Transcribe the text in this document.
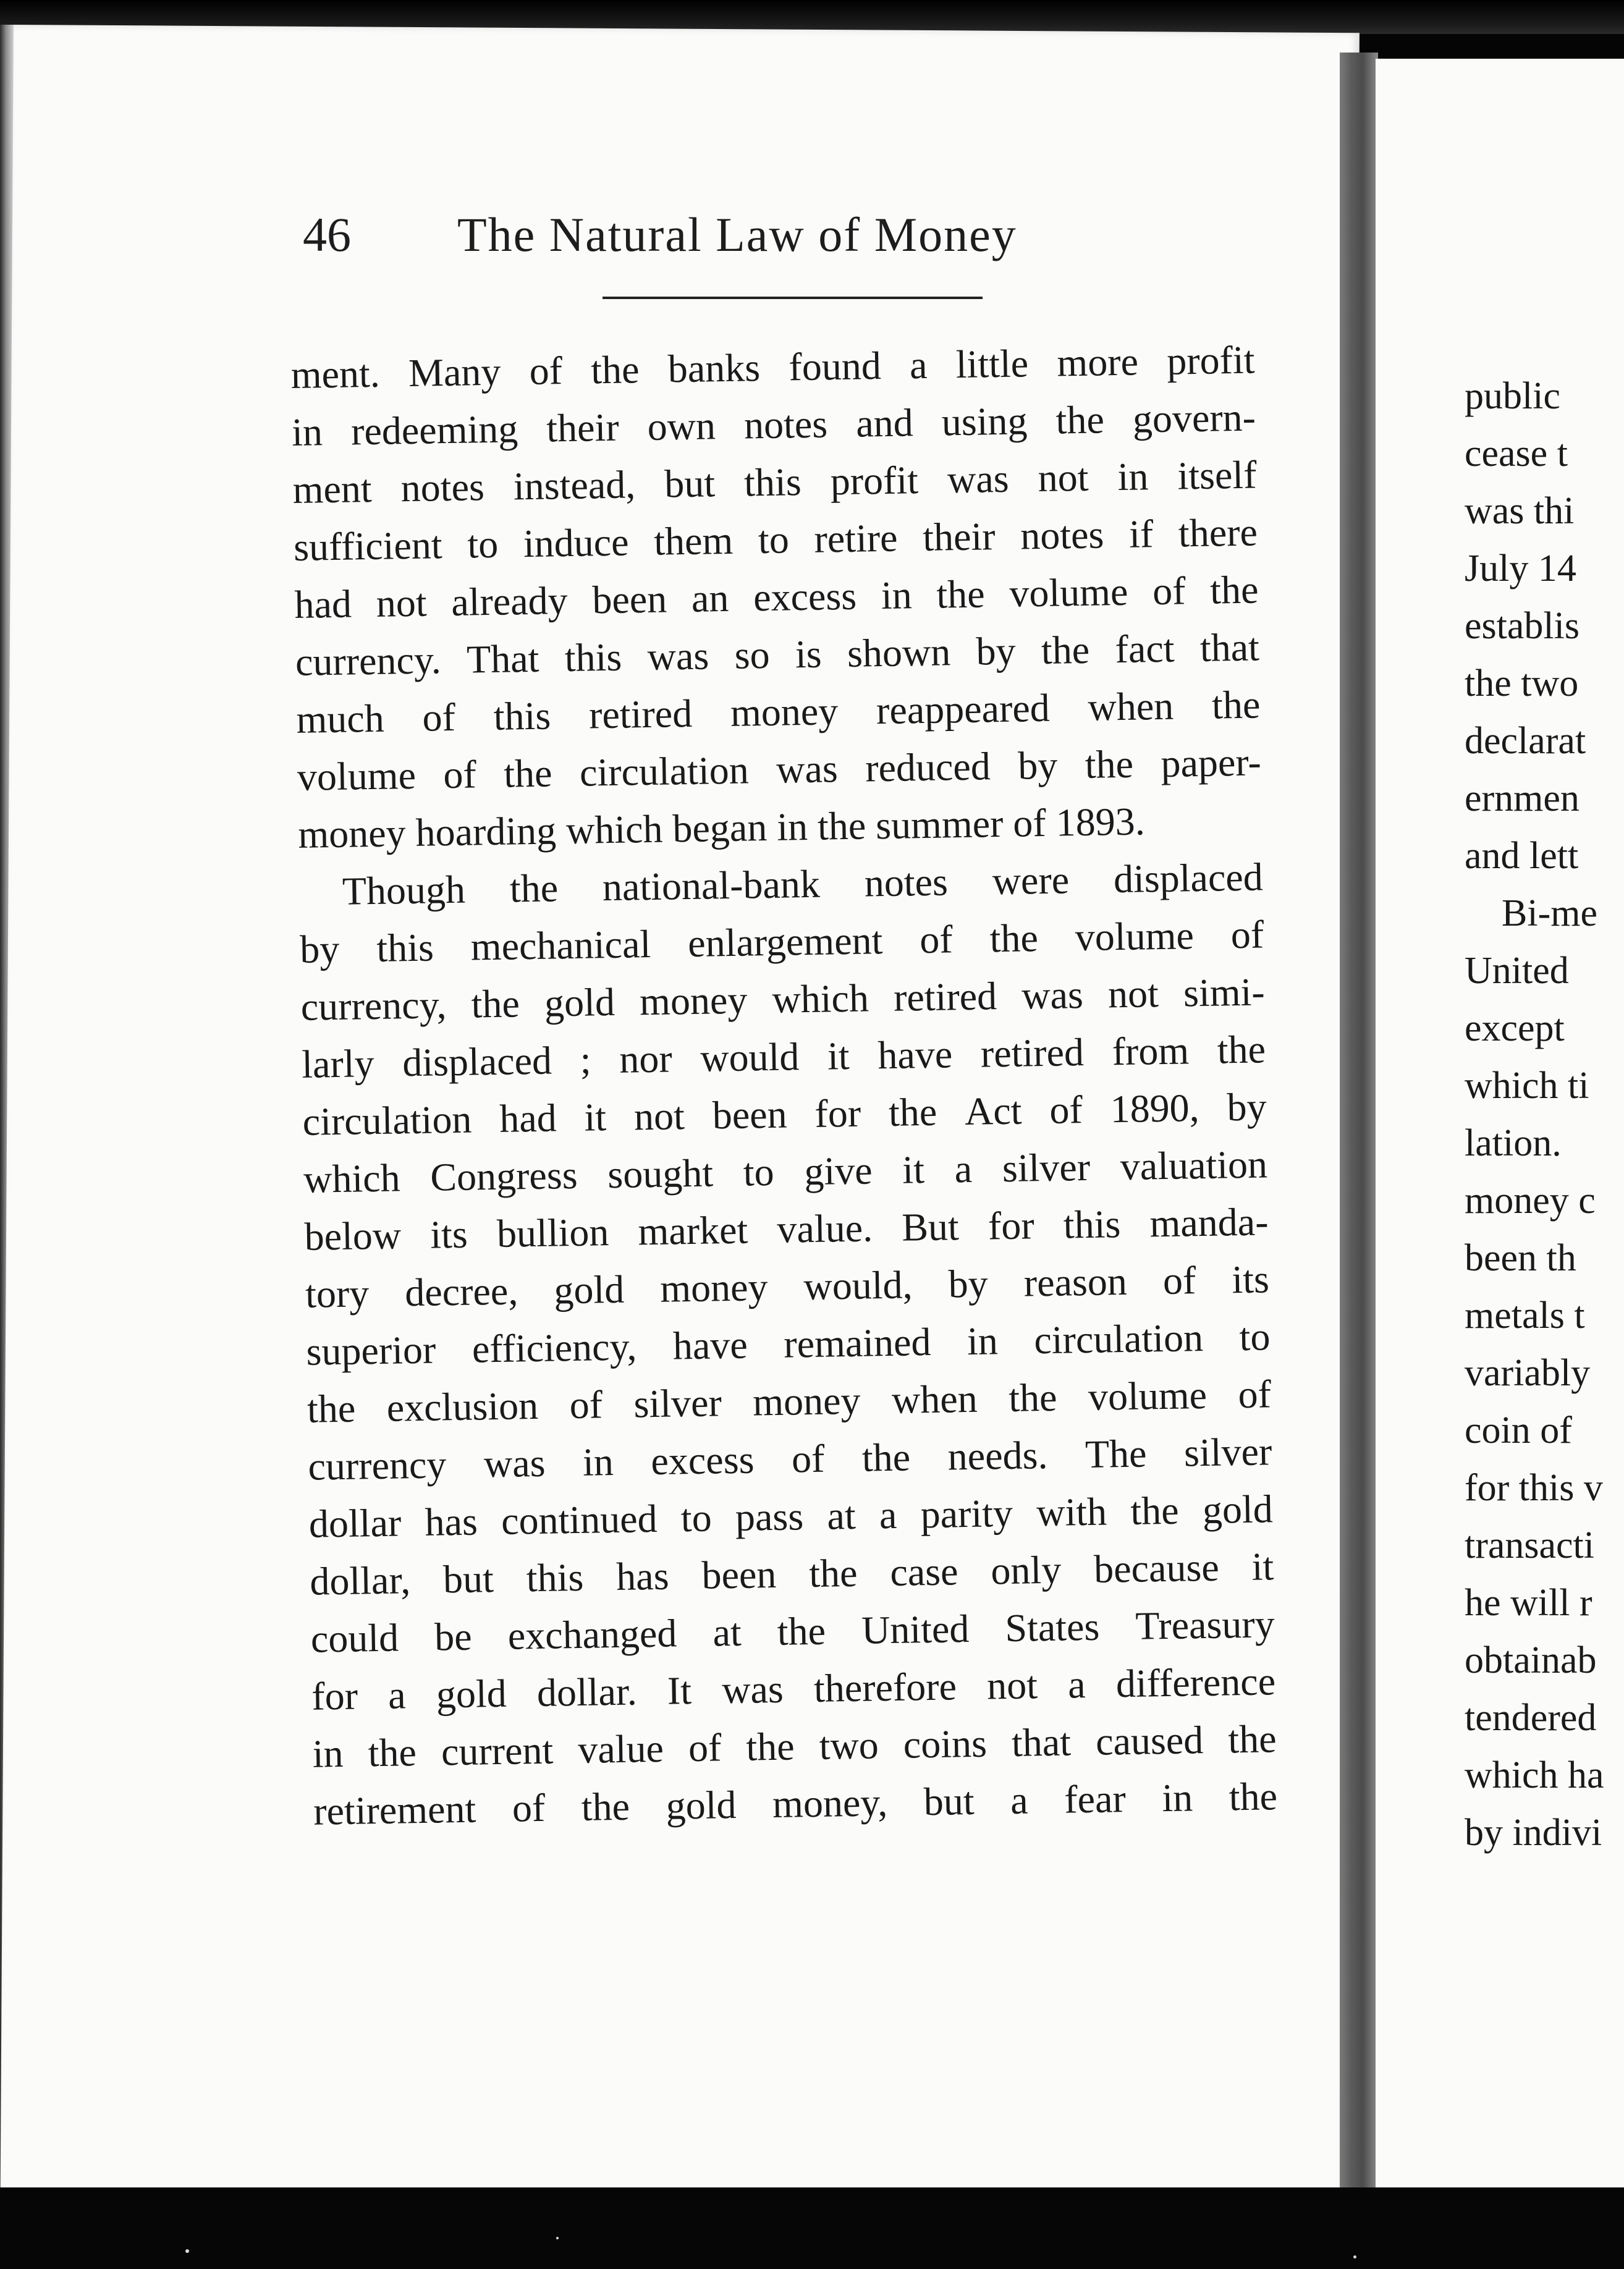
46	The Natural Law of Money
ment. Many of the banks found a little more profit
in redeeming their own notes and using the govern-
ment notes instead, but this profit was not in itself
sufficient to induce them to retire their notes if there
had not already been an excess in the volume of the
currency. That this was so is shown by the fact that
much of this retired money reappeared when the
volume of the circulation was reduced by the paper-
money hoarding which began in the summer of 1893.
Though the national-bank notes were displaced
by this mechanical enlargement of the volume of
currency, the gold money which retired was not simi-
larly displaced ; nor would it have retired from the
circulation had it not been for the Act of 1890, by
which Congress sought to give it a silver valuation
below its bullion market value. But for this manda-
tory decree, gold money would, by reason of its
superior efficiency, have remained in circulation to
the exclusion of silver money when the volume of
currency was in excess of the needs. The silver
dollar has continued to pass at a parity with the gold
dollar, but this has been the case only because it
could be exchanged at the United States Treasury
for a gold dollar. It was therefore not a difference
in the current value of the two coins that caused the
retirement of the gold money, but a fear in the
public
cease t
was thi
July 14
establis
the two
declarat
ernmen
and lett
Bi-me
United
except
which ti
lation.
money c
been th
metals t
variably
coin of
for this v
transacti
he will r
obtainab
tendered
which ha
by indivi
